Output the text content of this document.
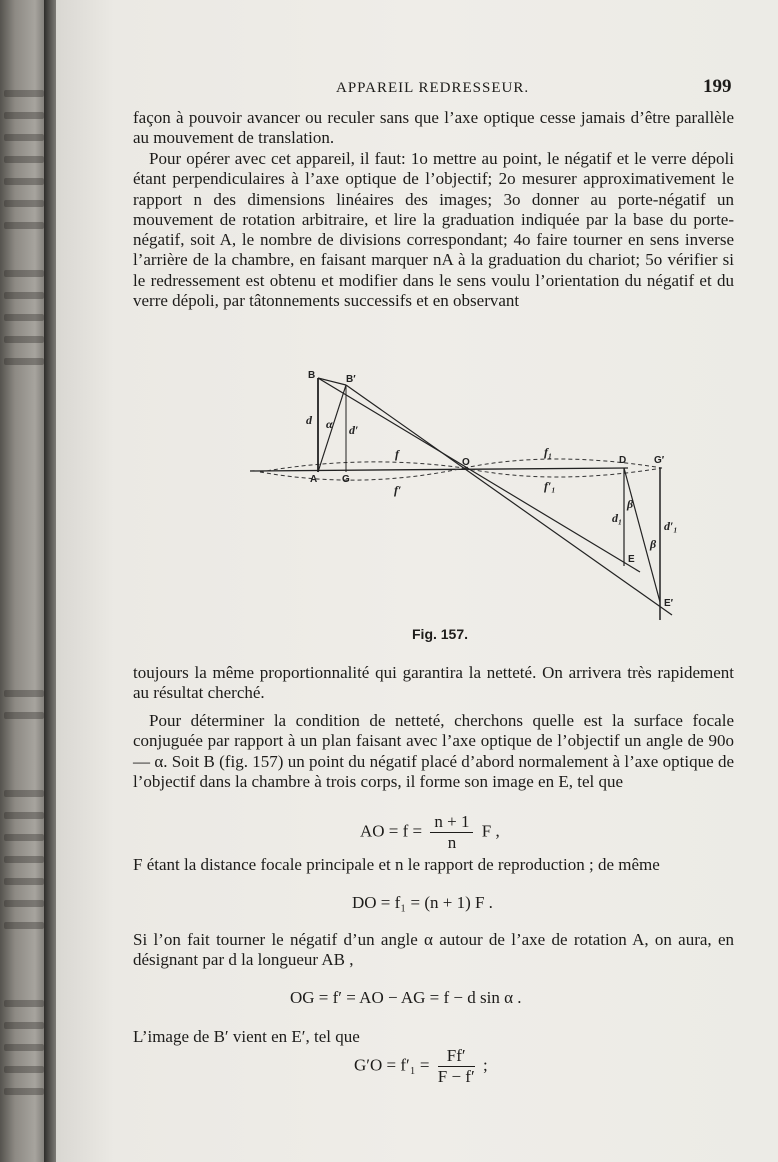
APPAREIL REDRESSEUR.	199

façon à pouvoir avancer ou reculer sans que l’axe optique cesse jamais d’être parallèle au mouvement de translation.

Pour opérer avec cet appareil, il faut: 1o mettre au point, le négatif et le verre dépoli étant perpendiculaires à l’axe optique de l’objectif; 2o mesurer approximativement le rapport n des dimensions linéaires des images; 3o donner au porte-négatif un mouvement de rotation arbitraire, et lire la graduation indiquée par la base du porte-négatif, soit A, le nombre de divisions correspondant; 4o faire tourner en sens inverse l’arrière de la chambre, en faisant marquer nA à la graduation du chariot; 5o vérifier si le redressement est obtenu et modifier dans le sens voulu l’orientation du négatif et du verre dépoli, par tâtonnements successifs et en observant

B	B′
A G
O	D	G′
E
E′
d
d′
α
f
f′
f₁
f′₁
d₁
d′₁
β
β
Fig. 157.

toujours la même proportionnalité qui garantira la netteté. On arrivera très rapidement au résultat cherché.

Pour déterminer la condition de netteté, cherchons quelle est la surface focale conjuguée par rapport à un plan faisant avec l’axe optique de l’objectif un angle de 90o — α. Soit B (fig. 157) un point du négatif placé d’abord normalement à l’axe optique de l’objectif dans la chambre à trois corps, il forme son image en E, tel que

AO = $f = \frac{n + 1}{n}$ F ,

F étant la distance focale principale et n le rapport de reproduction ; de même

DO = f₁ = (n + 1) F .

Si l’on fait tourner le négatif d’un angle α autour de l’axe de rotation A, on aura, en désignant par d la longueur AB ,

OG = f′ = AO − AG = f − d sin α .

L’image de B′ vient en E′, tel que

$G'O = f'_1 = \frac{Ff'}{F - f'}$ ;
